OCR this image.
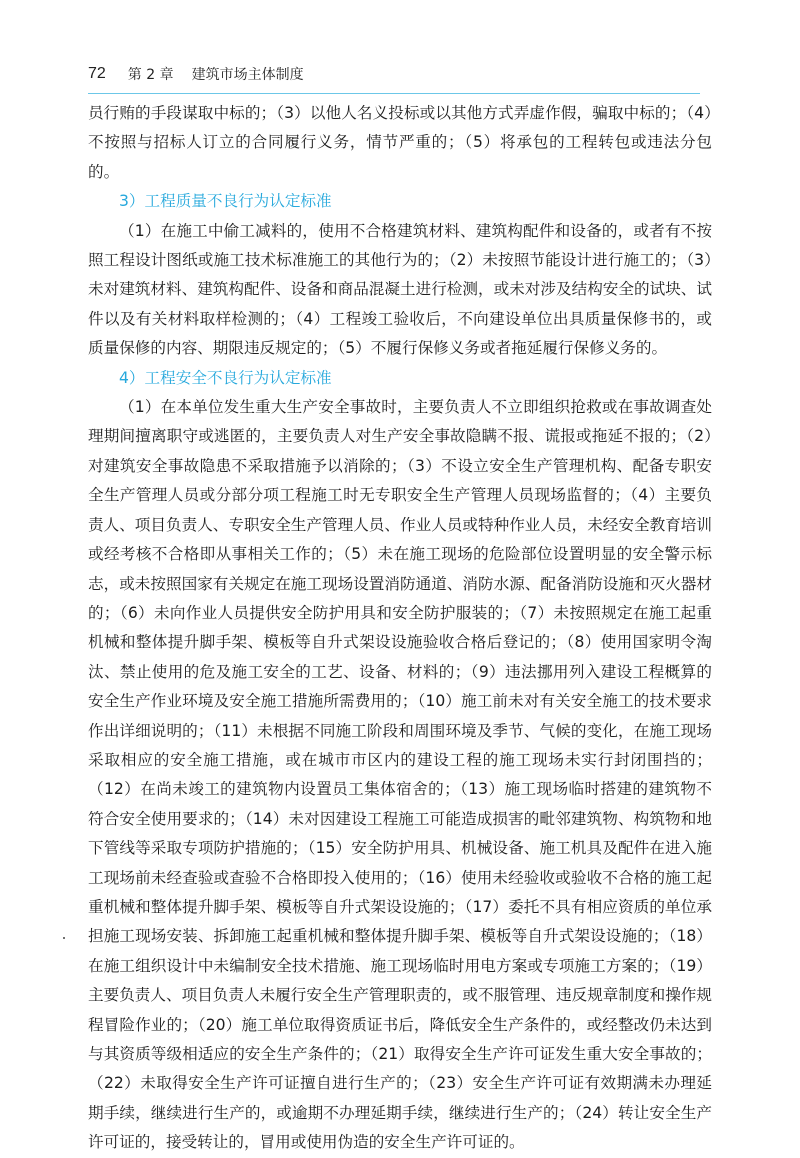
72 第 2 章 建筑市场主体制度

员行贿的手段谋取中标的；（3）以他人名义投标或以其他方式弄虚作假，骗取中标的；（4）不按照与招标人订立的合同履行义务，情节严重的；（5）将承包的工程转包或违法分包的。

3）工程质量不良行为认定标准

（1）在施工中偷工减料的，使用不合格建筑材料、建筑构配件和设备的，或者有不按照工程设计图纸或施工技术标准施工的其他行为的；（2）未按照节能设计进行施工的；（3）未对建筑材料、建筑构配件、设备和商品混凝土进行检测，或未对涉及结构安全的试块、试件以及有关材料取样检测的；（4）工程竣工验收后，不向建设单位出具质量保修书的，或质量保修的内容、期限违反规定的；（5）不履行保修义务或者拖延履行保修义务的。

4）工程安全不良行为认定标准

（1）在本单位发生重大生产安全事故时，主要负责人不立即组织抢救或在事故调查处理期间擅离职守或逃匿的，主要负责人对生产安全事故隐瞒不报、谎报或拖延不报的；（2）对建筑安全事故隐患不采取措施予以消除的；（3）不设立安全生产管理机构、配备专职安全生产管理人员或分部分项工程施工时无专职安全生产管理人员现场监督的；（4）主要负责人、项目负责人、专职安全生产管理人员、作业人员或特种作业人员，未经安全教育培训或经考核不合格即从事相关工作的；（5）未在施工现场的危险部位设置明显的安全警示标志，或未按照国家有关规定在施工现场设置消防通道、消防水源、配备消防设施和灭火器材的；（6）未向作业人员提供安全防护用具和安全防护服装的；（7）未按照规定在施工起重机械和整体提升脚手架、模板等自升式架设设施验收合格后登记的；（8）使用国家明令淘汰、禁止使用的危及施工安全的工艺、设备、材料的；（9）违法挪用列入建设工程概算的安全生产作业环境及安全施工措施所需费用的；（10）施工前未对有关安全施工的技术要求作出详细说明的；（11）未根据不同施工阶段和周围环境及季节、气候的变化，在施工现场采取相应的安全施工措施，或在城市市区内的建设工程的施工现场未实行封闭围挡的；（12）在尚未竣工的建筑物内设置员工集体宿舍的；（13）施工现场临时搭建的建筑物不符合安全使用要求的；（14）未对因建设工程施工可能造成损害的毗邻建筑物、构筑物和地下管线等采取专项防护措施的；（15）安全防护用具、机械设备、施工机具及配件在进入施工现场前未经查验或查验不合格即投入使用的；（16）使用未经验收或验收不合格的施工起重机械和整体提升脚手架、模板等自升式架设设施的；（17）委托不具有相应资质的单位承担施工现场安装、拆卸施工起重机械和整体提升脚手架、模板等自升式架设设施的；（18）在施工组织设计中未编制安全技术措施、施工现场临时用电方案或专项施工方案的；（19）主要负责人、项目负责人未履行安全生产管理职责的，或不服管理、违反规章制度和操作规程冒险作业的；（20）施工单位取得资质证书后，降低安全生产条件的，或经整改仍未达到与其资质等级相适应的安全生产条件的；（21）取得安全生产许可证发生重大安全事故的；（22）未取得安全生产许可证擅自进行生产的；（23）安全生产许可证有效期满未办理延期手续，继续进行生产的，或逾期不办理延期手续，继续进行生产的；（24）转让安全生产许可证的，接受转让的，冒用或使用伪造的安全生产许可证的。
